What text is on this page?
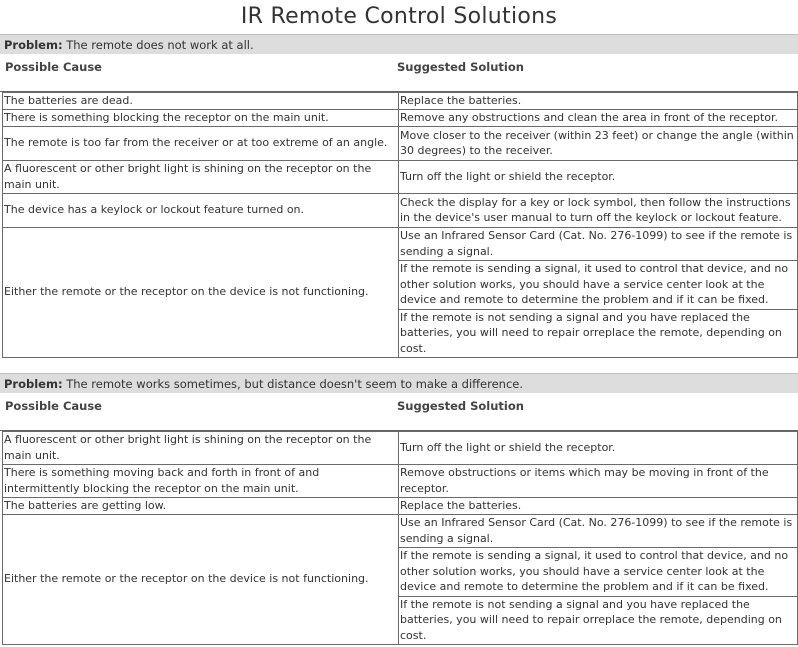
IR Remote Control Solutions
Problem: The remote does not work at all.
Possible Cause	Suggested Solution
The batteries are dead.	Replace the batteries.
There is something blocking the receptor on the main unit.	Remove any obstructions and clean the area in front of the receptor.
The remote is too far from the receiver or at too extreme of an angle.	Move closer to the receiver (within 23 feet) or change the angle (within 30 degrees) to the receiver.
A fluorescent or other bright light is shining on the receptor on the main unit.	Turn off the light or shield the receptor.
The device has a keylock or lockout feature turned on.	Check the display for a key or lock symbol, then follow the instructions in the device's user manual to turn off the keylock or lockout feature.
Either the remote or the receptor on the device is not functioning.	Use an Infrared Sensor Card (Cat. No. 276-1099) to see if the remote is sending a signal.
	If the remote is sending a signal, it used to control that device, and no other solution works, you should have a service center look at the device and remote to determine the problem and if it can be fixed.
	If the remote is not sending a signal and you have replaced the batteries, you will need to repair orreplace the remote, depending on cost.
Problem: The remote works sometimes, but distance doesn't seem to make a difference.
Possible Cause	Suggested Solution
A fluorescent or other bright light is shining on the receptor on the main unit.	Turn off the light or shield the receptor.
There is something moving back and forth in front of and intermittently blocking the receptor on the main unit.	Remove obstructions or items which may be moving in front of the receptor.
The batteries are getting low.	Replace the batteries.
Either the remote or the receptor on the device is not functioning.	Use an Infrared Sensor Card (Cat. No. 276-1099) to see if the remote is sending a signal.
	If the remote is sending a signal, it used to control that device, and no other solution works, you should have a service center look at the device and remote to determine the problem and if it can be fixed.
	If the remote is not sending a signal and you have replaced the batteries, you will need to repair orreplace the remote, depending on cost.
